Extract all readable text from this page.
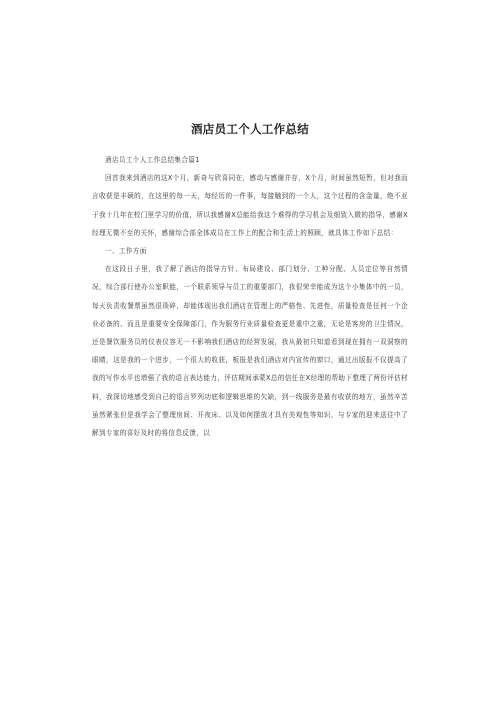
酒店员工个人工作总结

酒店员工个人工作总结集合篇1

回首我来到酒店的这X个月，新奇与欣喜同在，感动与感谢并存，X个月，时间虽然短暂，但对我而言收获是丰硕的，在这里的每一天，每经历的一件事，每接触到的一个人，这个过程的含金量，绝不亚于我十几年在校门里学习的价值，所以我感谢X总能给我这个难得的学习机会及细致入微的指导，感谢X经理无微不至的关怀，感谢综合部全体成员在工作上的配合和生活上的照顾，就具体工作如下总结：

一、工作方面

在这段日子里，我了解了酒店的指导方针、布局建设、部门划分、工种分配、人员定位等自然情况，综合部行使办公室职能，一个联系领导与员工的重要部门，我很荣幸能成为这个小集体中的一员，每天负责收餐票虽然很琐碎，却能体现出我们酒店在管理上的严格性、先进性，质量检查是任何一个企业必备的、而且是重要安全保障部门，作为服务行业质量检查更是重中之重，无论是客房的卫生情况，还是餐饮服务员的仪表仪容无一不影响我们酒店的经营发展，我从最初只知道看到现在拥有一双洞察的眼睛，这是我的一个进步，一个很大的收获，板报是我们酒店对内宣传的窗口，通过出版报不仅提高了我的写作水平也增强了我的语言表达能力，评估期间承蒙X总的信任在X经理的帮助下整理了两份评估材料，我深切地感受到自己的语言罗列功底和逻辑思维的欠缺，到一线服务是最有收获的地方，虽然辛苦虽然紧张但是我学会了整理房间、开夜床、以及如何摆放才具有美观性等知识，与专家的迎来送往中了解到专家的喜好及时的将信息反馈，以
